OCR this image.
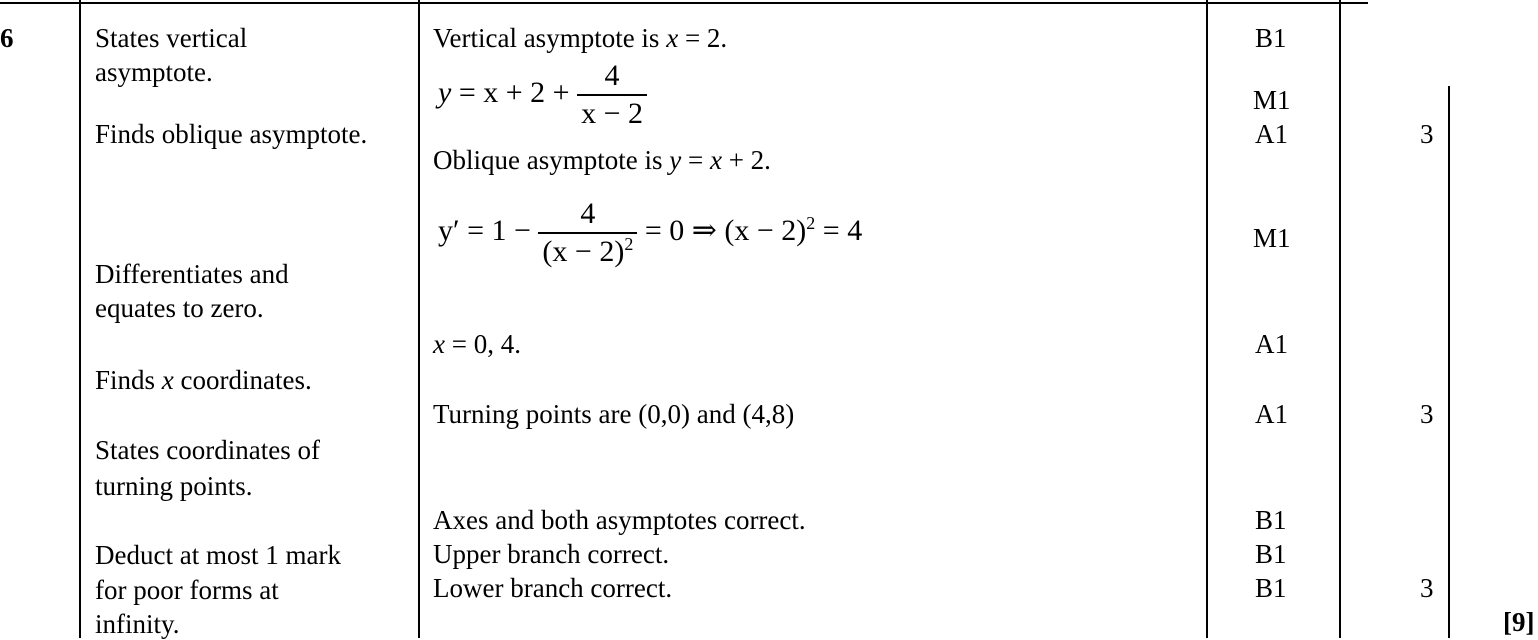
6	States vertical
asymptote.
Finds oblique asymptote.
Differentiates and
equates to zero.
Finds x coordinates.
States coordinates of
turning points.
Deduct at most 1 mark
for poor forms at
infinity.
Vertical asymptote is x = 2.
$y = x + 2 + \frac{4}{x - 2}$
Oblique asymptote is y = x + 2.
$y' = 1 - \frac{4}{(x - 2)^2} = 0$ ⇒ $(x - 2)^2 = 4$
x = 0, 4.
Turning points are (0,0) and (4,8)
Axes and both asymptotes correct.
Upper branch correct.
Lower branch correct.
B1
M1
A1
M1
A1
A1
B1
B1
B1
3
3
3
[9]
